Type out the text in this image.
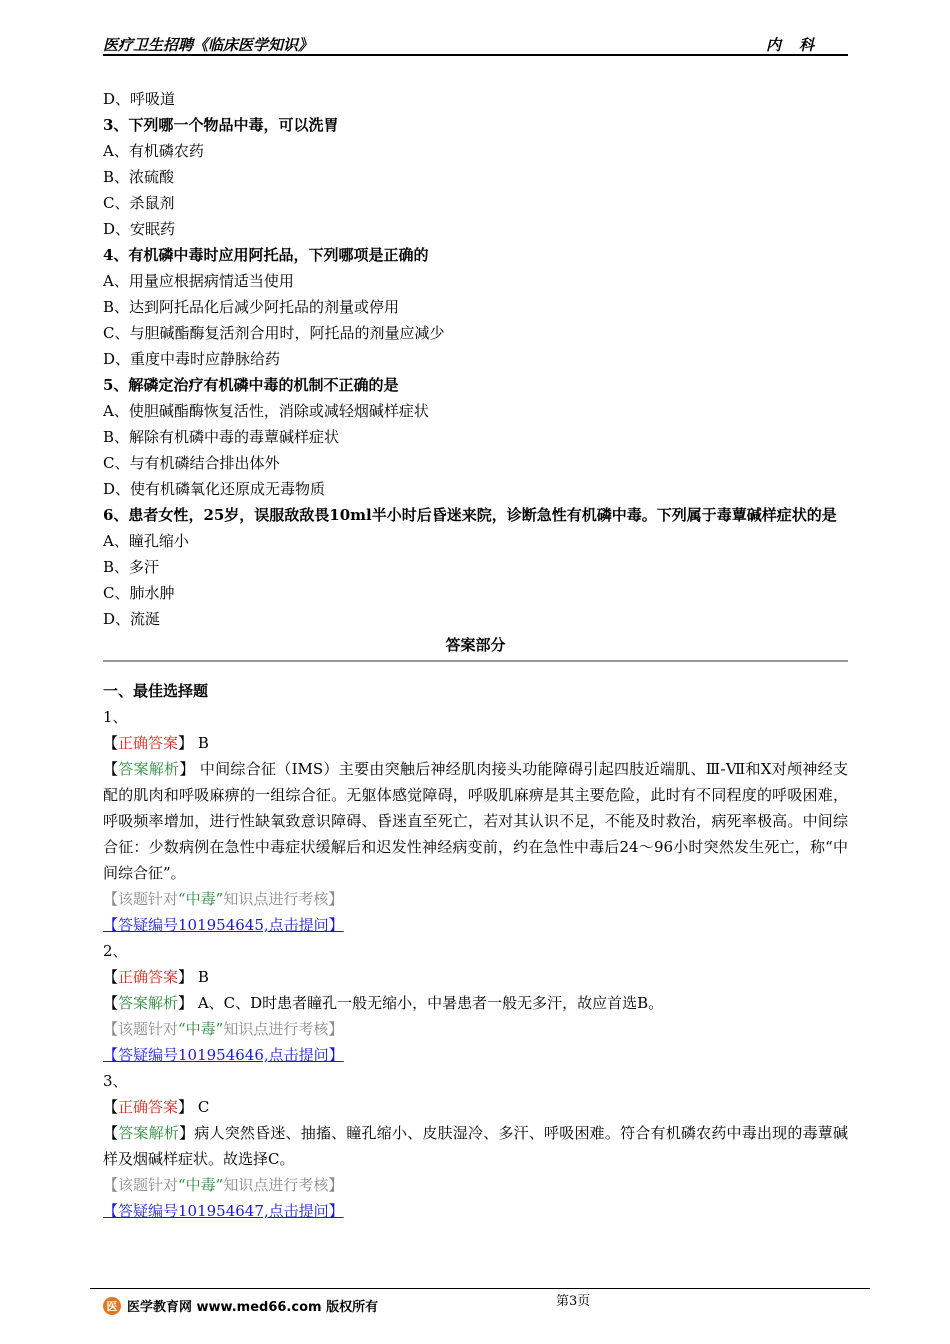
医疗卫生招聘《临床医学知识》	内科
D、呼吸道
3、下列哪一个物品中毒，可以洗胃
A、有机磷农药
B、浓硫酸
C、杀鼠剂
D、安眠药
4、有机磷中毒时应用阿托品，下列哪项是正确的
A、用量应根据病情适当使用
B、达到阿托品化后减少阿托品的剂量或停用
C、与胆碱酯酶复活剂合用时，阿托品的剂量应减少
D、重度中毒时应静脉给药
5、解磷定治疗有机磷中毒的机制不正确的是
A、使胆碱酯酶恢复活性，消除或减轻烟碱样症状
B、解除有机磷中毒的毒蕈碱样症状
C、与有机磷结合排出体外
D、使有机磷氧化还原成无毒物质
6、患者女性，25岁，误服敌敌畏10ml半小时后昏迷来院，诊断急性有机磷中毒。下列属于毒蕈碱样症状的是
A、瞳孔缩小
B、多汗
C、肺水肿
D、流涎
答案部分
一、最佳选择题
1、
【正确答案】 B
【答案解析】 中间综合征（IMS）主要由突触后神经肌肉接头功能障碍引起四肢近端肌、Ⅲ-Ⅶ和Ⅹ对颅神经支配的肌肉和呼吸麻痹的一组综合征。无躯体感觉障碍，呼吸肌麻痹是其主要危险，此时有不同程度的呼吸困难，呼吸频率增加，进行性缺氧致意识障碍、昏迷直至死亡，若对其认识不足，不能及时救治，病死率极高。中间综合征：少数病例在急性中毒症状缓解后和迟发性神经病变前，约在急性中毒后24～96小时突然发生死亡，称“中间综合征”。
【该题针对“中毒”知识点进行考核】
【答疑编号101954645,点击提问】
2、
【正确答案】 B
【答案解析】 A、C、D时患者瞳孔一般无缩小，中暑患者一般无多汗，故应首选B。
【该题针对“中毒”知识点进行考核】
【答疑编号101954646,点击提问】
3、
【正确答案】 C
【答案解析】病人突然昏迷、抽搐、瞳孔缩小、皮肤湿冷、多汗、呼吸困难。符合有机磷农药中毒出现的毒蕈碱样及烟碱样症状。故选择C。
【该题针对“中毒”知识点进行考核】
【答疑编号101954647,点击提问】
第3页
医 医学教育网 www.med66.com 版权所有
